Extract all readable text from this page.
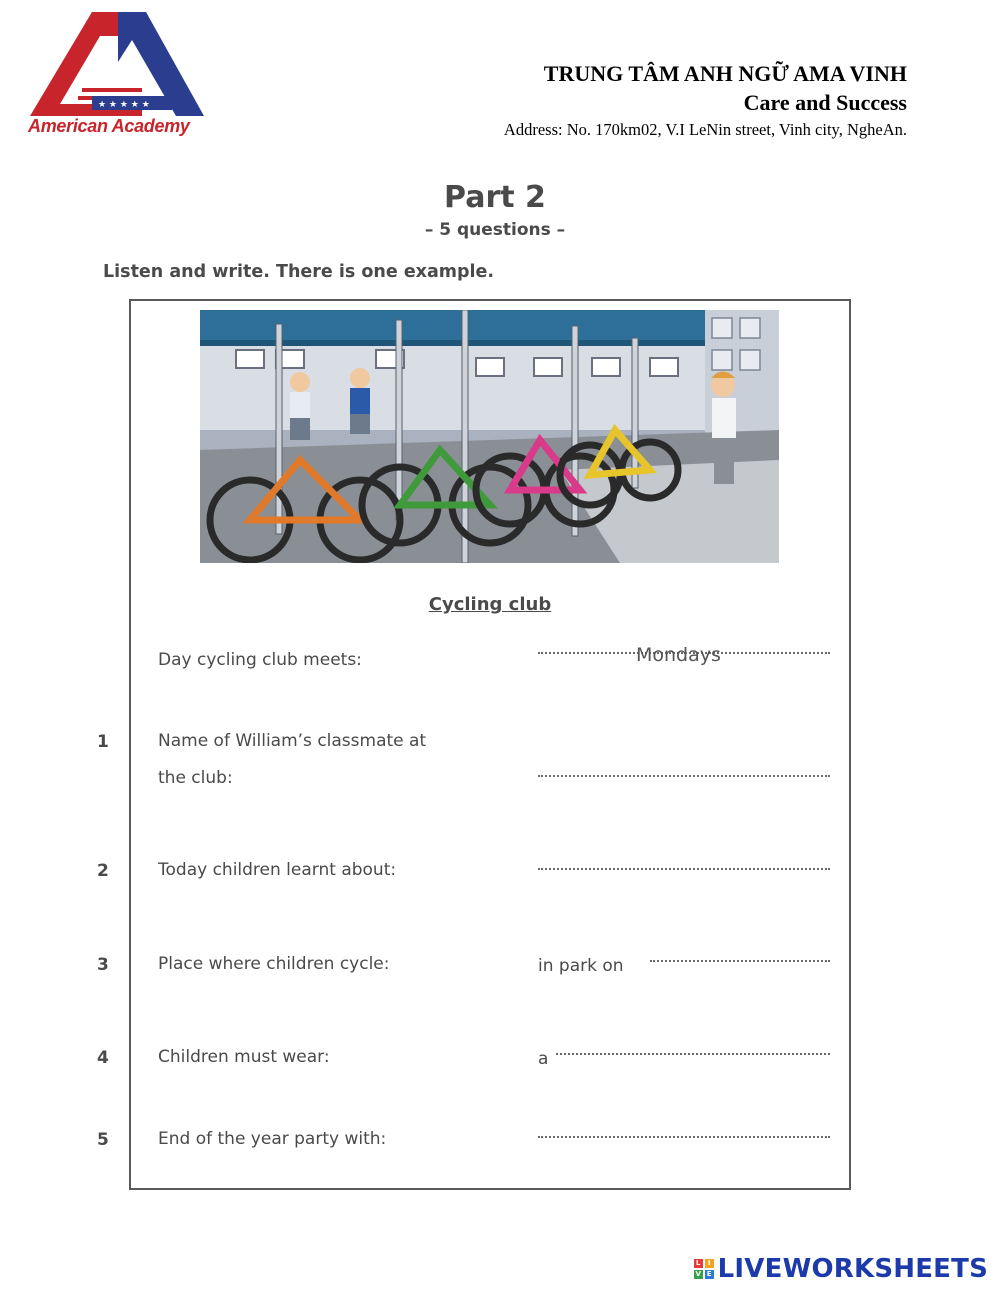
★ ★ ★ ★ ★
American Academy
TRUNG TÂM ANH NGỮ AMA VINH
Care and Success
Address: No. 170km02, V.I LeNin street, Vinh city, NgheAn.
Part 2
– 5 questions –
Listen and write. There is one example.
Cycling club
Day cycling club meets:	Mondays
1	Name of William’s classmate at
the club:
2	Today children learnt about:
3	Place where children cycle:	in park on
4	Children must wear:	a
5	End of the year party with:
L	I
V E LIVEWORKSHEETS
